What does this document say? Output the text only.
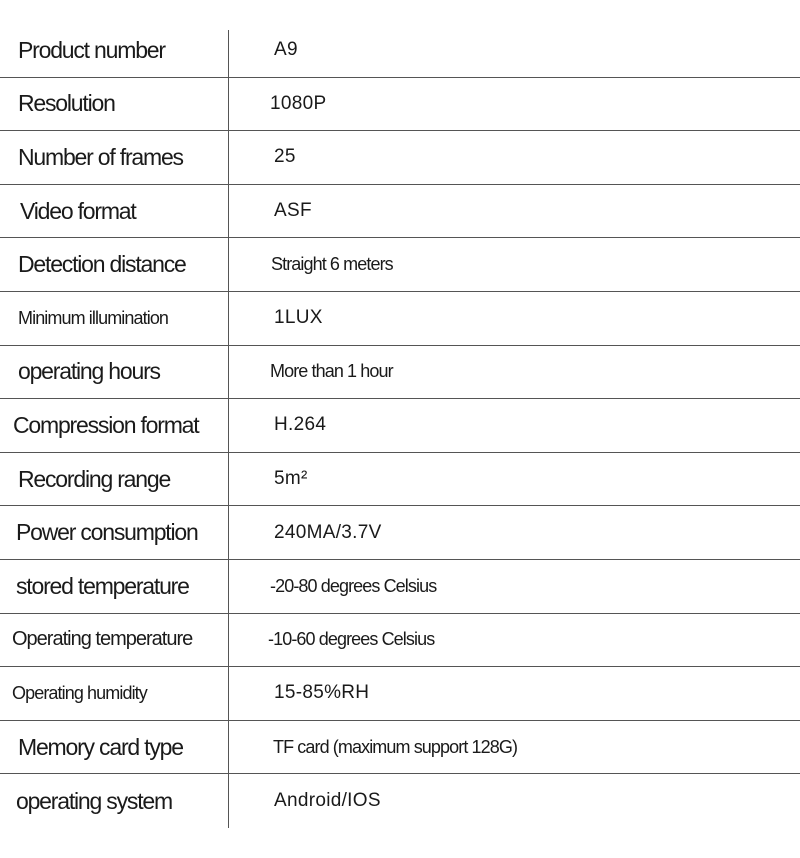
Product number	A9
Resolution	1080P
Number of frames	25
Video format	ASF
Detection distance	Straight 6 meters
Minimum illumination	1LUX
operating hours	More than 1 hour
Compression format	H.264
Recording range	5m²
Power consumption	240MA/3.7V
stored temperature	-20-80 degrees Celsius
Operating temperature	-10-60 degrees Celsius
Operating humidity	15-85%RH
Memory card type	TF card (maximum support 128G)
operating system	Android/IOS
